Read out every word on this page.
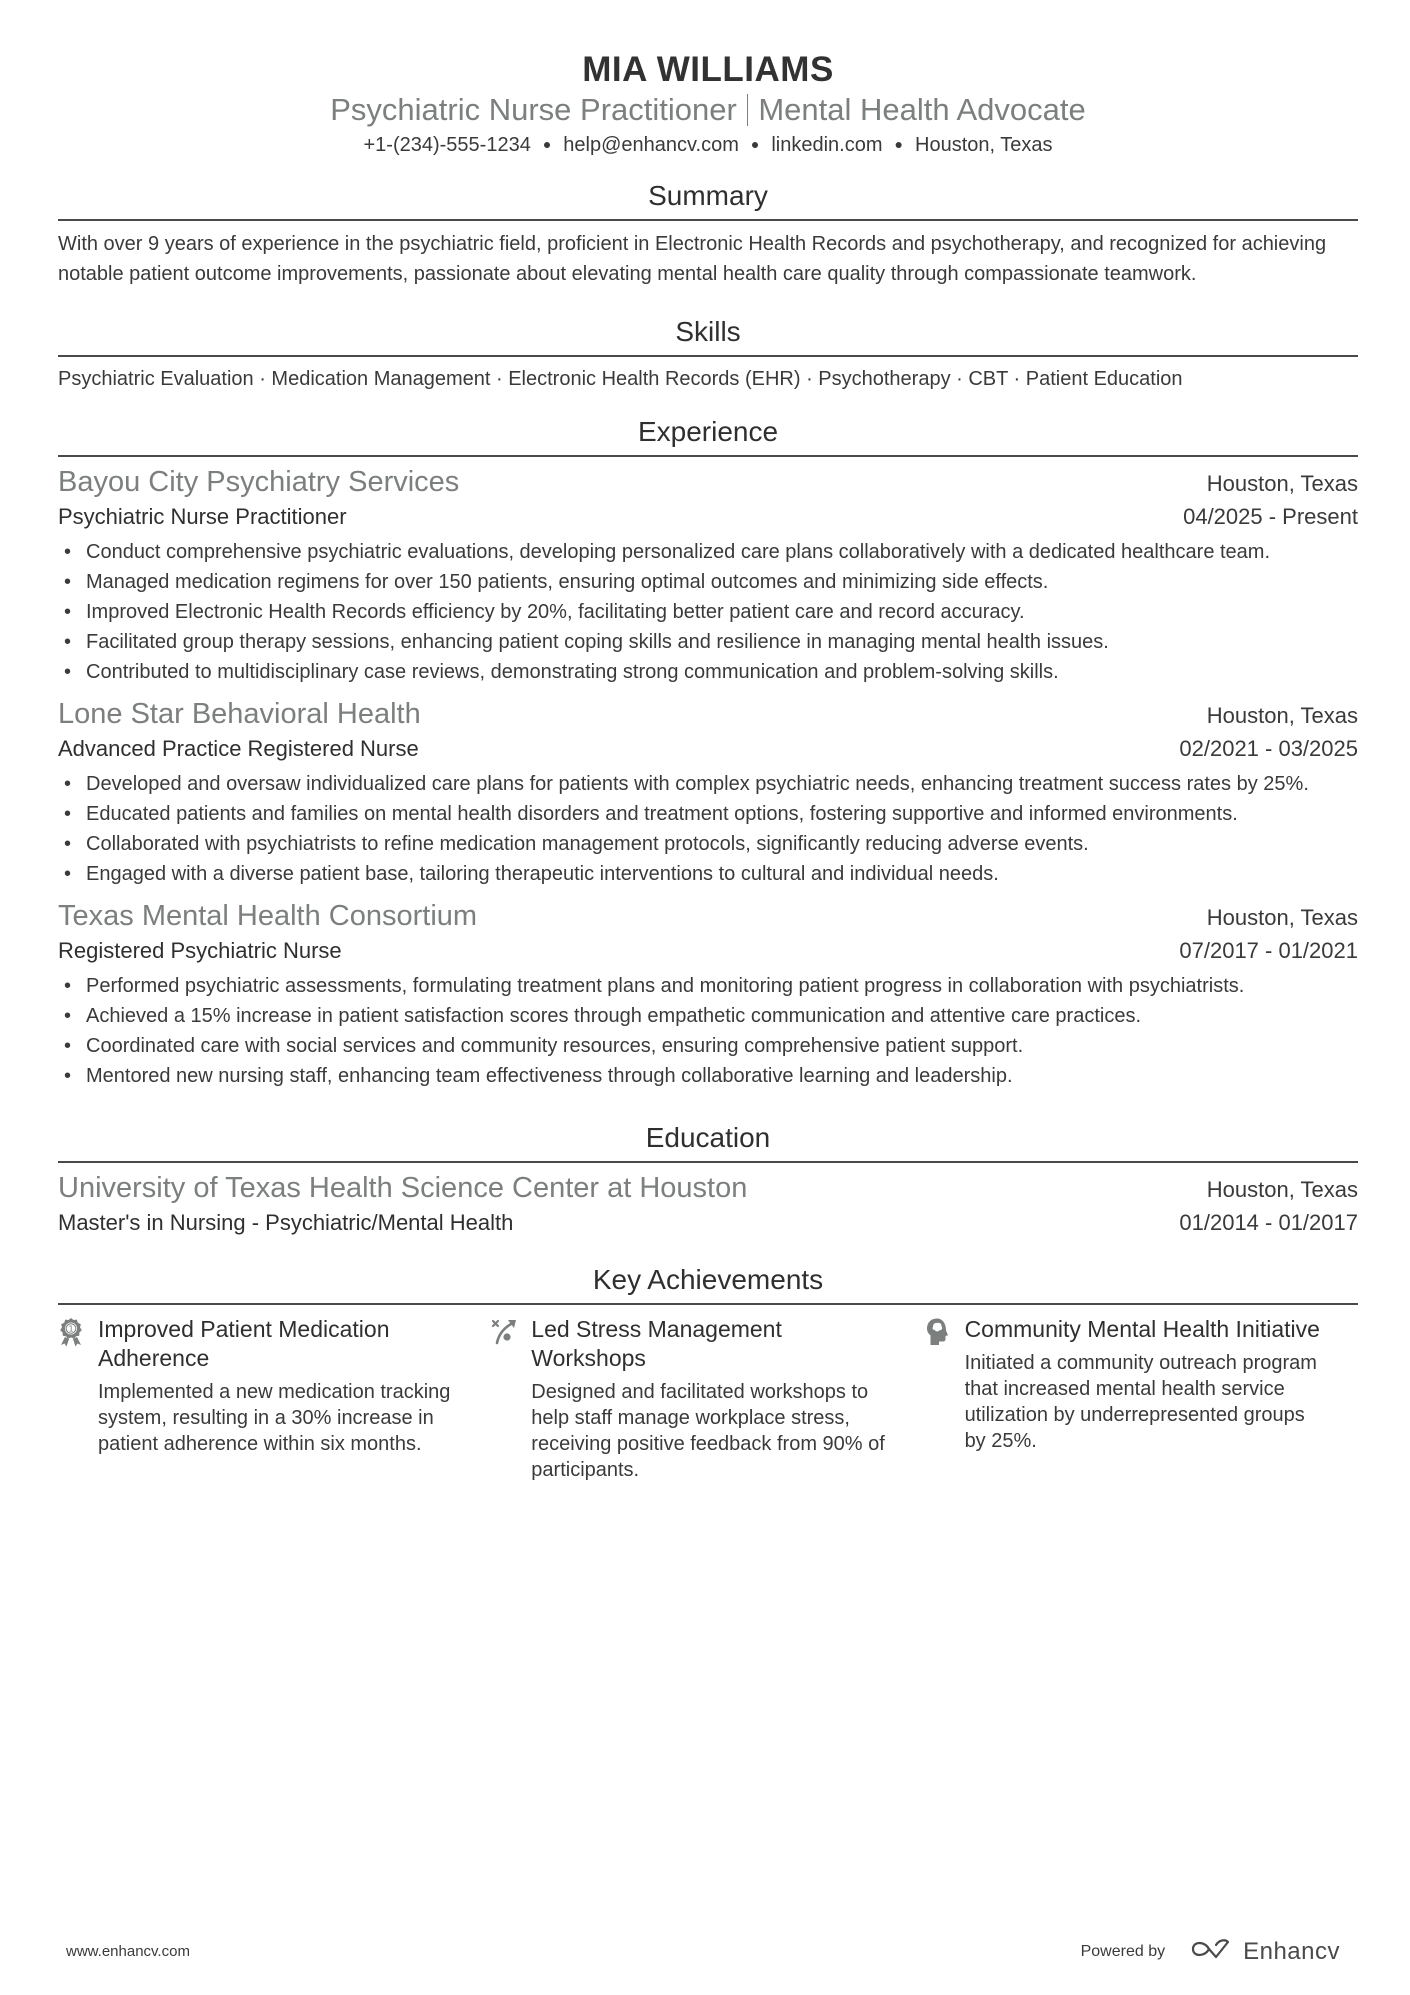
MIA WILLIAMS
Psychiatric Nurse Practitioner Mental Health Advocate
+1-(234)-555-1234 ● help@enhancv.com ● linkedin.com ● Houston, Texas
Summary
With over 9 years of experience in the psychiatric field, proficient in Electronic Health Records and psychotherapy, and recognized for achieving notable patient outcome improvements, passionate about elevating mental health care quality through compassionate teamwork.
Skills
Psychiatric Evaluation · Medication Management · Electronic Health Records (EHR) · Psychotherapy · CBT · Patient Education
Experience
Bayou City Psychiatry Services	Houston, Texas
Psychiatric Nurse Practitioner	04/2025 - Present
• Conduct comprehensive psychiatric evaluations, developing personalized care plans collaboratively with a dedicated healthcare team.
• Managed medication regimens for over 150 patients, ensuring optimal outcomes and minimizing side effects.
• Improved Electronic Health Records efficiency by 20%, facilitating better patient care and record accuracy.
• Facilitated group therapy sessions, enhancing patient coping skills and resilience in managing mental health issues.
• Contributed to multidisciplinary case reviews, demonstrating strong communication and problem-solving skills.
Lone Star Behavioral Health	Houston, Texas
Advanced Practice Registered Nurse	02/2021 - 03/2025
• Developed and oversaw individualized care plans for patients with complex psychiatric needs, enhancing treatment success rates by 25%.
• Educated patients and families on mental health disorders and treatment options, fostering supportive and informed environments.
• Collaborated with psychiatrists to refine medication management protocols, significantly reducing adverse events.
• Engaged with a diverse patient base, tailoring therapeutic interventions to cultural and individual needs.
Texas Mental Health Consortium	Houston, Texas
Registered Psychiatric Nurse	07/2017 - 01/2021
• Performed psychiatric assessments, formulating treatment plans and monitoring patient progress in collaboration with psychiatrists.
• Achieved a 15% increase in patient satisfaction scores through empathetic communication and attentive care practices.
• Coordinated care with social services and community resources, ensuring comprehensive patient support.
• Mentored new nursing staff, enhancing team effectiveness through collaborative learning and leadership.
Education
University of Texas Health Science Center at Houston	Houston, Texas
Master's in Nursing - Psychiatric/Mental Health	01/2014 - 01/2017
Key Achievements
1 Improved Patient Medication Adherence
Implemented a new medication tracking system, resulting in a 30% increase in patient adherence within six months.
Led Stress Management Workshops
Designed and facilitated workshops to help staff manage workplace stress, receiving positive feedback from 90% of participants.
Community Mental Health Initiative
Initiated a community outreach program that increased mental health service utilization by underrepresented groups by 25%.
www.enhancv.com	Powered by	Enhancv
